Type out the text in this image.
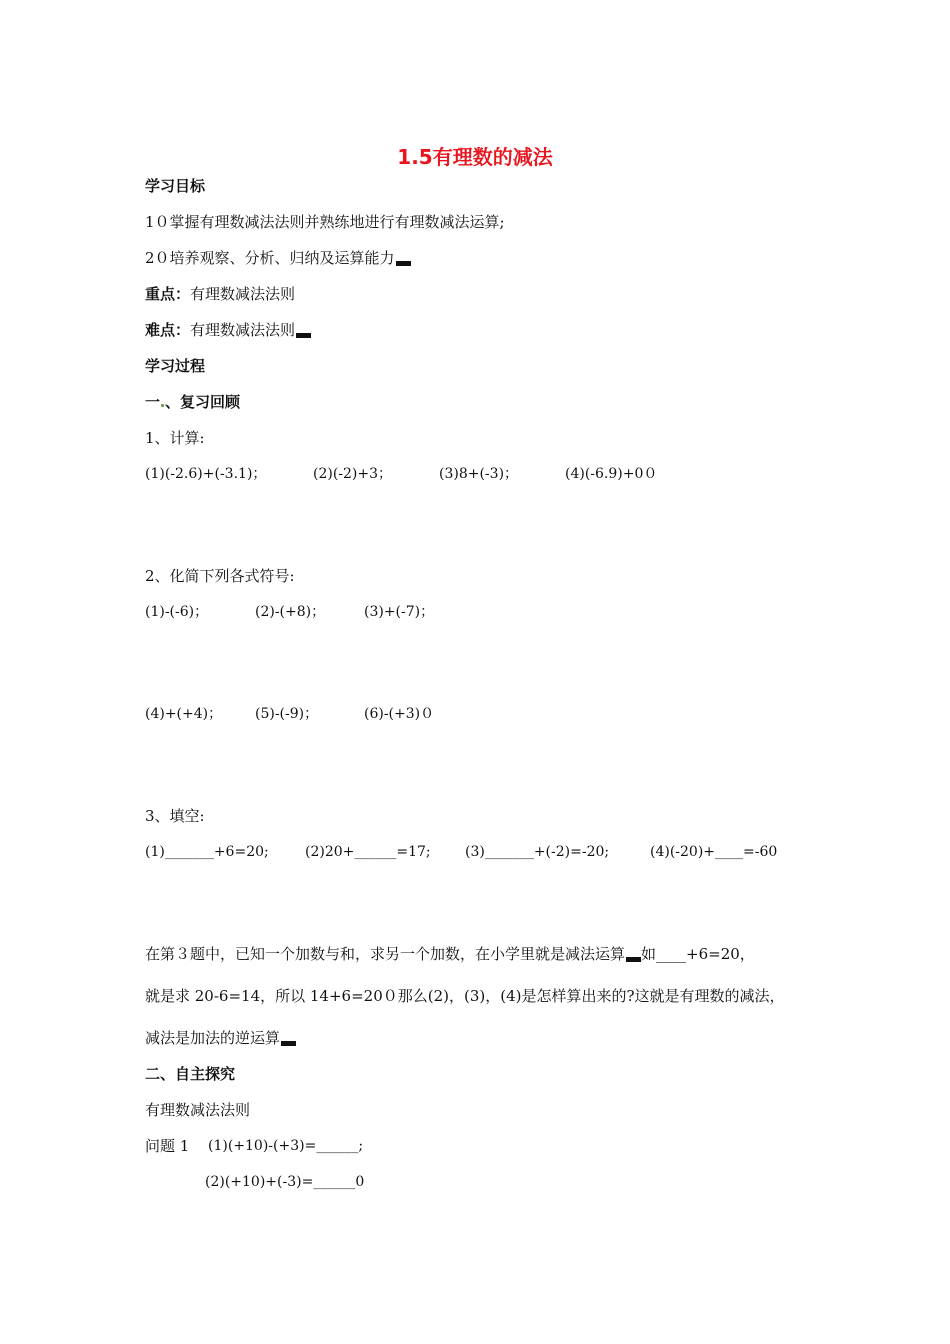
1.5有理数的减法
学习目标
1０掌握有理数减法法则并熟练地进行有理数减法运算;
2０培养观察、分析、归纳及运算能力
重点：有理数减法法则
难点：有理数减法法则
学习过程
一 、复习回顾
1、计算:
(1)(-2.6)+(-3.1)；	(2)(-2)+3；	(3)8+(-3)；	(4)(-6.9)+0０
2、化简下列各式符号:
(1)-(-6)；	(2)-(+8)；	(3)+(-7)；
(4)+(+4)； (5)-(-9)；	(6)-(+3)０
3、填空:
(1)_______+6=20;	(2)20+______=17; (3)_______+(-2)=-20;	(4)(-20)+____=-60
在第３题中，已知一个加数与和，求另一个加数，在小学里就是减法运算 如____+6=20，
就是求 20-6=14，所以 14+6=20０那么(2)，(3)，(4)是怎样算出来的?这就是有理数的减法，
减法是加法的逆运算
二、自主探究
有理数减法法则
问题 1 (1)(+10)-(+3)=______;
(2)(+10)+(-3)=______0
